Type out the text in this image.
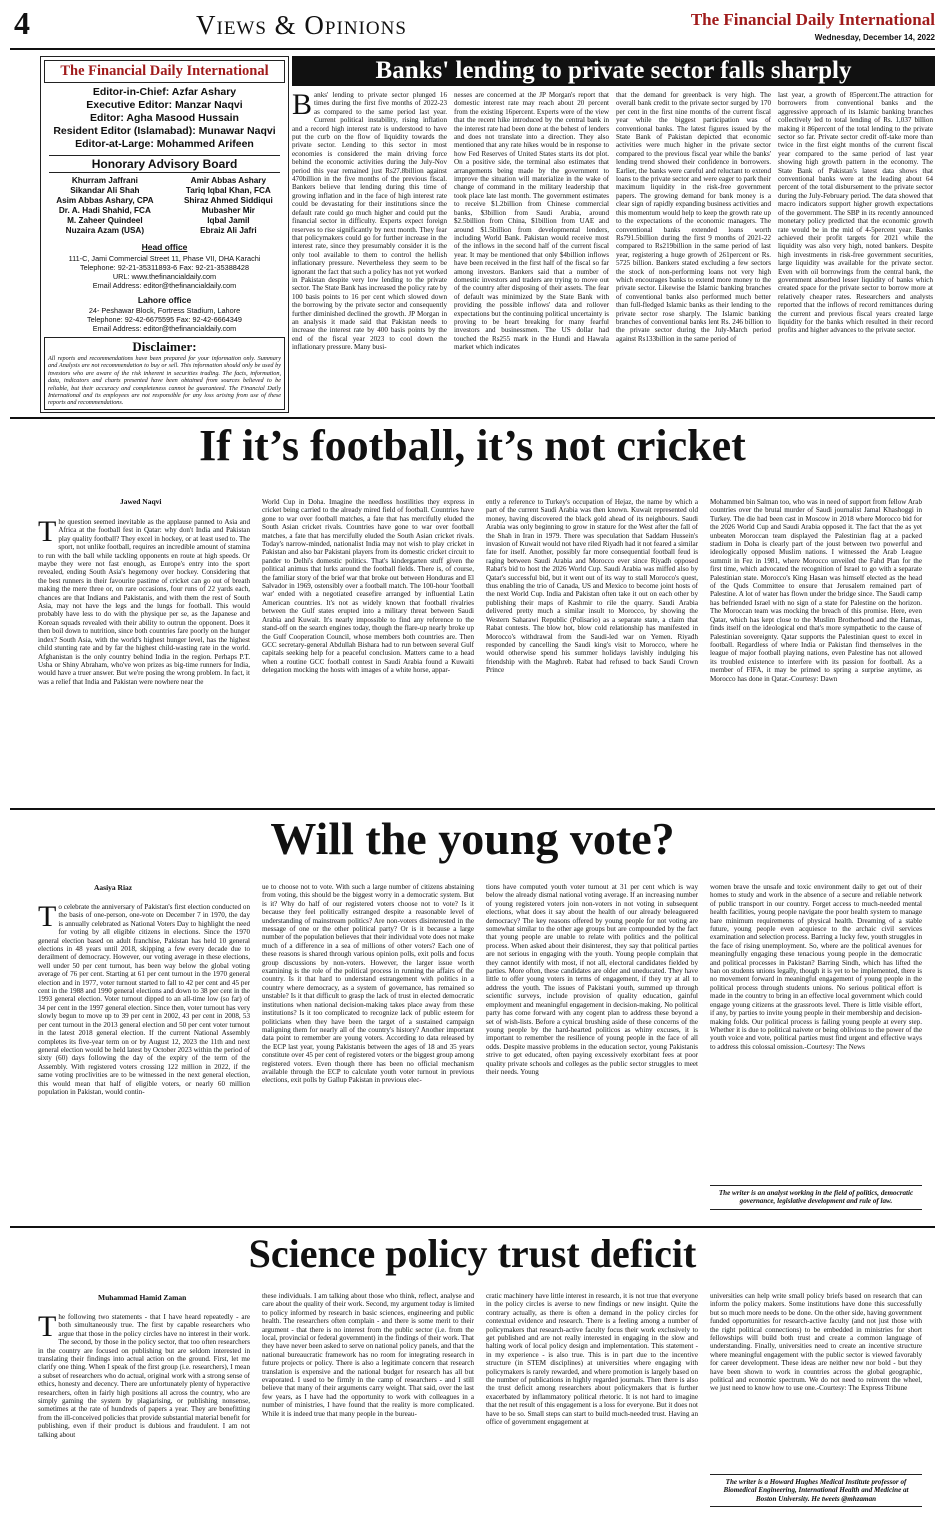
4	Views & Opinions	The Financial Daily International
Wednesday, December 14, 2022
The Financial Daily International
Editor-in-Chief: Azfar Ashary
Executive Editor: Manzar Naqvi
Editor: Agha Masood Hussain
Resident Editor (Islamabad): Munawar Naqvi
Editor-at-Large: Mohammed Arifeen
Honorary Advisory Board
Khurram Jaffrani
Sikandar Ali Shah
Asim Abbas Ashary, CPA
Dr. A. Hadi Shahid, FCA
M. Zaheer Quindeel
Nuzaira Azam (USA)
Amir Abbas Ashary
Tariq Iqbal Khan, FCA
Shiraz Ahmed Siddiqui
Mubasher Mir
Iqbal Jamil
Ebraiz Ali Jafri
Head office
111-C, Jami Commercial Street 11, Phase VII, DHA Karachi
Telephone: 92-21-35311893-6 Fax: 92-21-35388428
URL: www.thefinancialdaily.com
Email Address: editor@thefinancialdaily.com
Lahore office
24- Peshawar Block, Fortress Stadium, Lahore
Telephone: 92-42-6675595 Fax: 92-42-6664349
Email Address: editor@thefinancialdaily.com
Disclaimer:
All reports and recommendations have been prepared for your information only. Summary and Analysis are not recommendation to buy or sell. This information should only be used by investors who are aware of the risk inherent in securities trading. The facts, information, data, indicators and charts presented have been obtained from sources believed to be reliable, but their accuracy and completeness cannot be guaranteed. The Financial Daily International and its employees are not responsible for any loss arising from use of these reports and recommendations.
Banks' lending to private sector falls sharply
Banks' lending to private sector plunged 16 times during the first five months of 2022-23 as compared to the same period last year. Current political instability, rising inflation and a record high interest rate is understood to have put the curb on the flow of liquidity towards the private sector. Lending to this sector in most economies is considered the main driving force behind the economic activities during the July-Nov period this year remained just Rs27.8billion against 470billion in the five months of the previous fiscal. Bankers believe that lending during this time of growing inflation and in the face of high interest rate could be devastating for their institutions since the default rate could go much higher and could put the financial sector in difficulty. Experts expect foreign reserves to rise significantly by next month. They fear that policymakers could go for further increase in the interest rate, since they presumably consider it is the only tool available to them to control the hellish inflationary pressure. Nevertheless they seem to be ignorant the fact that such a policy has not yet worked in Pakistan despite very low lending to the private sector. The State Bank has increased the policy rate by 100 basis points to 16 per cent which slowed down the borrowing by the private sector and consequently further diminished declined the growth. JP Morgan in an analysis it made said that Pakistan needs to increase the interest rate by 400 basis points by the end of the fiscal year 2023 to cool down the inflationary pressure. Many busi-
nesses are concerned at the JP Morgan's report that domestic interest rate may reach about 20 percent from the existing 16percent. Experts were of the view that the recent hike introduced by the central bank in the interest rate had been done at the behest of lenders and does not translate into a direction. They also mentioned that any rate hikes would be in response to how Fed Reserves of United States starts its dot plot. On a positive side, the terminal also estimates that arrangements being made by the government to improve the situation will materialize in the wake of change of command in the military leadership that took place late last month. The government estimates to receive $1.2billion from Chinese commercial banks, $3billion from Saudi Arabia, around $2.5billion from China, $1billion from UAE and around $1.5billion from developmental lenders, including World Bank. Pakistan would receive most of the inflows in the second half of the current fiscal year. It may be mentioned that only $4billion inflows have been received in the first half of the fiscal so far among investors. Bankers said that a number of domestic investors and traders are trying to move out of the country after disposing of their assets. The fear of default was minimized by the State Bank with providing the possible inflows' data and rollover expectations but the continuing political uncertainty is proving to be heart breaking for many fearful investors and businessmen. The US dollar had touched the Rs255 mark in the Hundi and Hawala market which indicates
that the demand for greenback is very high. The overall bank credit to the private sector surged by 170 per cent in the first nine months of the current fiscal year while the biggest participation was of conventional banks. The latest figures issued by the State Bank of Pakistan depicted that economic activities were much higher in the private sector compared to the previous fiscal year while the banks' lending trend showed their confidence in borrowers. Earlier, the banks were careful and reluctant to extend loans to the private sector and were eager to park their maximum liquidity in the risk-free government papers. The growing demand for bank money is a clear sign of rapidly expanding business activities and this momentum would help to keep the growth rate up to the expectations of the economic managers. The conventional banks extended loans worth Rs791.5billion during the first 9 months of 2021-22 compared to Rs219billion in the same period of last year, registering a huge growth of 261percent or Rs. 5725 billion. Bankers stated excluding a few sectors the stock of non-performing loans not very high which encourages banks to extend more money to the private sector. Likewise the Islamic banking branches of conventional banks also performed much better than full-fledged Islamic banks as their lending to the private sector rose sharply. The Islamic banking branches of conventional banks lent Rs. 246 billion to the private sector during the July-March period against Rs133billion in the same period of
last year, a growth of 85percent.The attraction for borrowers from conventional banks and the aggressive approach of its Islamic banking branches collectively led to total lending of Rs. 1,037 billion making it 86percent of the total lending to the private sector so far. Private sector credit off-take more than twice in the first eight months of the current fiscal year compared to the same period of last year showing high growth pattern in the economy. The State Bank of Pakistan's latest data shows that conventional banks were at the leading about 64 percent of the total disbursement to the private sector during the July-February period. The data showed that macro indicators support higher growth expectations of the government. The SBP in its recently announced monetary policy predicted that the economic growth rate would be in the mid of 4-5percent year. Banks achieved their profit targets for 2021 while the liquidity was also very high, noted bankers. Despite high investments in risk-free government securities, large liquidity was available for the private sector. Even with oil borrowings from the central bank, the government absorbed lesser liquidity of banks which created space for the private sector to borrow more at relatively cheaper rates. Researchers and analysts reported that the inflows of record remittances during the current and previous fiscal years created large liquidity for the banks which resulted in their record profits and higher advances to the private sector.
If it’s football, it’s not cricket
Jawed Naqvi
The question seemed inevitable as the applause panned to Asia and Africa at the football fest in Qatar: why don't India and Pakistan play quality football? They excel in hockey, or at least used to. The sport, not unlike football, requires an incredible amount of stamina to run with the ball while tackling opponents en route at high speeds. Or maybe they were not fast enough, as Europe's entry into the sport revealed, ending South Asia's hegemony over hockey. Considering that the best runners in their favourite pastime of cricket can go out of breath making the mere three or, on rare occasions, four runs of 22 yards each, chances are that Indians and Pakistanis, and with them the rest of South Asia, may not have the legs and the lungs for football. This would probably have less to do with the physique per se, as the Japanese and Korean squads revealed with their ability to outrun the opponent. Does it then boil down to nutrition, since both countries fare poorly on the hunger index? South Asia, with the world's highest hunger level, has the highest child stunting rate and by far the highest child-wasting rate in the world. Afghanistan is the only country behind India in the region. Perhaps P.T. Usha or Shiny Abraham, who've won prizes as big-time runners for India, would have a truer answer. But we're posing the wrong problem. In fact, it was a relief that India and Pakistan were nowhere near the
World Cup in Doha. Imagine the needless hostilities they express in cricket being carried to the already mired field of football. Countries have gone to war over football matches, a fate that has mercifully eluded the South Asian cricket rivals. Countries have gone to war over football matches, a fate that has mercifully eluded the South Asian cricket rivals. Today's narrow-minded, nationalist India may not wish to play cricket in Pakistan and also bar Pakistani players from its domestic cricket circuit to pander to Delhi's domestic politics. That's kindergarten stuff given the political animus that lurks around the football fields. There is, of course, the familiar story of the brief war that broke out between Honduras and El Salvador in 1969, ostensibly over a football match. The 100-hour 'football war' ended with a negotiated ceasefire arranged by influential Latin American countries. It's not as widely known that football rivalries between the Gulf states erupted into a military threat between Saudi Arabia and Kuwait. It's nearly impossible to find any reference to the stand-off on the search engines today, though the flare-up nearly broke up the Gulf Cooperation Council, whose members both countries are. Then GCC secretary-general Abdullah Bishara had to run between several Gulf capitals seeking help for a peaceful conclusion. Matters came to a head when a routine GCC football contest in Saudi Arabia found a Kuwaiti delegation mocking the hosts with images of a white horse, appar-
ently a reference to Turkey's occupation of Hejaz, the name by which a part of the current Saudi Arabia was then known. Kuwait represented old money, having discovered the black gold ahead of its neighbours. Saudi Arabia was only beginning to grow in stature for the West after the fall of the Shah in Iran in 1979. There was speculation that Saddam Hussein's invasion of Kuwait would not have riled Riyadh had it not feared a similar fate for itself. Another, possibly far more consequential football feud is raging between Saudi Arabia and Morocco ever since Riyadh opposed Rabat's bid to host the 2026 World Cup. Saudi Arabia was miffed also by Qatar's successful bid, but it went out of its way to stall Morocco's quest, thus enabling the trio of Canada, US and Mexico to become joint hosts of the next World Cup. India and Pakistan often take it out on each other by publishing their maps of Kashmir to rile the quarry. Saudi Arabia delivered pretty much a similar insult to Morocco, by showing the Western Saharawi Republic (Polisario) as a separate state, a claim that Rabat contests. The blow hot, blow cold relationship has manifested in Morocco's withdrawal from the Saudi-led war on Yemen. Riyadh responded by cancelling the Saudi king's visit to Morocco, where he would otherwise spend his summer holidays lavishly indulging his friendship with the Maghreb. Rabat had refused to back Saudi Crown Prince
Mohammed bin Salman too, who was in need of support from fellow Arab countries over the brutal murder of Saudi journalist Jamal Khashoggi in Turkey. The die had been cast in Moscow in 2018 where Morocco bid for the 2026 World Cup and Saudi Arabia opposed it. The fact that the as yet unbeaten Moroccan team displayed the Palestinian flag at a packed stadium in Doha is clearly part of the joust between two powerful and ideologically opposed Muslim nations. I witnessed the Arab League summit in Fez in 1981, where Morocco unveiled the Fahd Plan for the first time, which advocated the recognition of Israel to go with a separate Palestinian state. Morocco's King Hasan was himself elected as the head of the Quds Committee to ensure that Jerusalem remained part of Palestine. A lot of water has flown under the bridge since. The Saudi camp has befriended Israel with no sign of a state for Palestine on the horizon. The Moroccan team was mocking the breach of this promise. Here, even Qatar, which has kept close to the Muslim Brotherhood and the Hamas, finds itself on the ideological end that's more sympathetic to the cause of Palestinian sovereignty. Qatar supports the Palestinian quest to excel in football. Regardless of where India or Pakistan find themselves in the league of major football playing nations, even Palestine has not allowed its troubled existence to interfere with its passion for football. As a member of FIFA, it may be primed to spring a surprise anytime, as Morocco has done in Qatar.-Courtesy: Dawn
Will the young vote?
Aasiya Riaz
To celebrate the anniversary of Pakistan's first election conducted on the basis of one-person, one-vote on December 7 in 1970, the day is annually celebrated as National Voters Day to highlight the need for voting by all eligible citizens in elections. Since the 1970 general election based on adult franchise, Pakistan has held 10 general elections in 48 years until 2018, skipping a few every decade due to derailment of democracy. However, our voting average in these elections, well under 50 per cent turnout, has been way below the global voting average of 76 per cent. Starting at 61 per cent turnout in the 1970 general election and in 1977, voter turnout started to fall to 42 per cent and 45 per cent in the 1988 and 1990 general elections and down to 38 per cent in the 1993 general election. Voter turnout dipped to an all-time low (so far) of 34 per cent in the 1997 general election. Since then, voter turnout has very slowly begun to move up to 39 per cent in 2002, 43 per cent in 2008, 53 per cent turnout in the 2013 general election and 50 per cent voter turnout in the latest 2018 general election. If the current National Assembly completes its five-year term on or by August 12, 2023 the 11th and next general election would be held latest by October 2023 within the period of sixty (60) days following the day of the expiry of the term of the Assembly. With registered voters crossing 122 million in 2022, if the same voting proclivities are to be witnessed in the next general election, this would mean that half of eligible voters, or nearly 60 million population in Pakistan, would contin-
ue to choose not to vote. With such a large number of citizens abstaining from voting, this should be the biggest worry in a democratic system. But is it? Why do half of our registered voters choose not to vote? Is it because they feel politically estranged despite a reasonable level of understanding of mainstream politics? Are non-voters disinterested in the message of one or the other political party? Or is it because a large number of the population believes that their individual vote does not make much of a difference in a sea of millions of other voters? Each one of these reasons is shared through various opinion polls, exit polls and focus group discussions by non-voters. However, the larger issue worth examining is the role of the political process in running the affairs of the country. Is it that hard to understand estrangement with politics in a country where democracy, as a system of governance, has remained so unstable? Is it that difficult to grasp the lack of trust in elected democratic institutions when national decision-making takes place away from these institutions? Is it too complicated to recognize lack of public esteem for politicians when they have been the target of a sustained campaign maligning them for nearly all of the country's history? Another important data point to remember are young voters. According to data released by the ECP last year, young Pakistanis between the ages of 18 and 35 years constitute over 45 per cent of registered voters or the biggest group among registered voters. Even though there has been no official mechanism available through the ECP to calculate youth voter turnout in previous elections, exit polls by Gallup Pakistan in previous elec-
tions have computed youth voter turnout at 31 per cent which is way below the already dismal national voting average. If an increasing number of young registered voters join non-voters in not voting in subsequent elections, what does it say about the health of our already beleaguered democracy? The key reasons offered by young people for not voting are somewhat similar to the other age groups but are compounded by the fact that young people are unable to relate with politics and the political process. When asked about their disinterest, they say that political parties are not serious in engaging with the youth. Young people complain that they cannot identify with most, if not all, electoral candidates fielded by parties. More often, these candidates are older and uneducated. They have little to offer young voters in terms of engagement, if they try at all to address the youth. The issues of Pakistani youth, summed up through scientific surveys, include provision of quality education, gainful employment and meaningful engagement in decision-making. No political party has come forward with any cogent plan to address these beyond a set of wish-lists. Before a cynical brushing aside of these concerns of the young people by the hard-hearted politicos as whiny excuses, it is important to remember the resilience of young people in the face of all odds. Despite massive problems in the education sector, young Pakistanis strive to get educated, often paying excessively exorbitant fees at poor quality private schools and colleges as the public sector struggles to meet their needs. Young
women brave the unsafe and toxic environment daily to get out of their homes to study and work in the absence of a secure and reliable network of public transport in our country. Forget access to much-needed mental health facilities, young people navigate the poor health system to manage bare minimum requirements of physical health. Dreaming of a stable future, young people even acquiesce to the archaic civil services examination and selection process. Barring a lucky few, youth struggles in the face of rising unemployment. So, where are the political avenues for meaningfully engaging these tenacious young people in the democratic and political processes in Pakistan? Barring Sindh, which has lifted the ban on students unions legally, though it is yet to be implemented, there is no movement forward in meaningful engagement of young people in the political process through students unions. No serious political effort is made in the country to bring in an effective local government which could engage young citizens at the grassroots level. There is little visible effort, if any, by parties to invite young people in their membership and decision-making folds. Our political process is failing young people at every step. Whether it is due to political naivete or being oblivious to the power of the youth voice and vote, political parties must find urgent and effective ways to address this colossal omission.-Courtesy: The News
The writer is an analyst working in the field of politics, democratic governance, legislative development and rule of law.
Science policy trust deficit
Muhammad Hamid Zaman
The following two statements - that I have heard repeatedly - are both simultaneously true. The first by capable researchers who argue that those in the policy circles have no interest in their work. The second, by those in the policy sector, that too often researchers in the country are focused on publishing but are seldom interested in translating their findings into actual action on the ground. First, let me clarify one thing. When I speak of the first group (i.e. researchers), I mean a subset of researchers who do actual, original work with a strong sense of ethics, honesty and decency. There are unfortunately plenty of hyperactive researchers, often in fairly high positions all across the country, who are simply gaming the system by plagiarising, or publishing nonsense, sometimes at the rate of hundreds of papers a year. They are benefitting from the ill-conceived policies that provide substantial material benefit for publishing, even if their product is dubious and fraudulent. I am not talking about
these individuals. I am talking about those who think, reflect, analyse and care about the quality of their work. Second, my argument today is limited to policy informed by research in basic sciences, engineering and public health. The researchers often complain - and there is some merit to their argument - that there is no interest from the public sector (i.e. from the local, provincial or federal government) in the findings of their work. That they have never been asked to serve on national policy panels, and that the national bureaucratic framework has no room for integrating research in future projects or policy. There is also a legitimate concern that research translation is expensive and the national budget for research has all but evaporated. I used to be firmly in the camp of researchers - and I still believe that many of their arguments carry weight. That said, over the last few years, as I have had the opportunity to work with colleagues in a number of ministries, I have found that the reality is more complicated. While it is indeed true that many people in the bureau-
cratic machinery have little interest in research, it is not true that everyone in the policy circles is averse to new findings or new insight. Quite the contrary actually, as there is often a demand in the policy circles for contextual evidence and research. There is a feeling among a number of policymakers that research-active faculty focus their work exclusively to get published and are not really interested in engaging in the slow and halting work of local policy design and implementation. This statement - in my experience - is also true. This is in part due to the incentive structure (in STEM disciplines) at universities where engaging with policymakers is rarely rewarded, and where promotion is largely based on the number of publications in highly regarded journals. Then there is also the trust deficit among researchers about policymakers that is further exacerbated by inflammatory political rhetoric. It is not hard to imagine that the net result of this engagement is a loss for everyone. But it does not have to be so. Small steps can start to build much-needed trust. Having an office of government engagement at
universities can help write small policy briefs based on research that can inform the policy makers. Some institutions have done this successfully but so much more needs to be done. On the other side, having government funded opportunities for research-active faculty (and not just those with the right political connections) to be embedded in ministries for short fellowships will build both trust and create a common language of understanding. Finally, universities need to create an incentive structure where meaningful engagement with the public sector is viewed favorably for career development. These ideas are neither new nor bold - but they have been shown to work in countries across the global geographic, political and economic spectrum. We do not need to reinvent the wheel, we just need to know how to use one.-Courtesy: The Express Tribune
The writer is a Howard Hughes Medical Institute professor of Biomedical Engineering, International Health and Medicine at Boston University. He tweets @mhzaman
